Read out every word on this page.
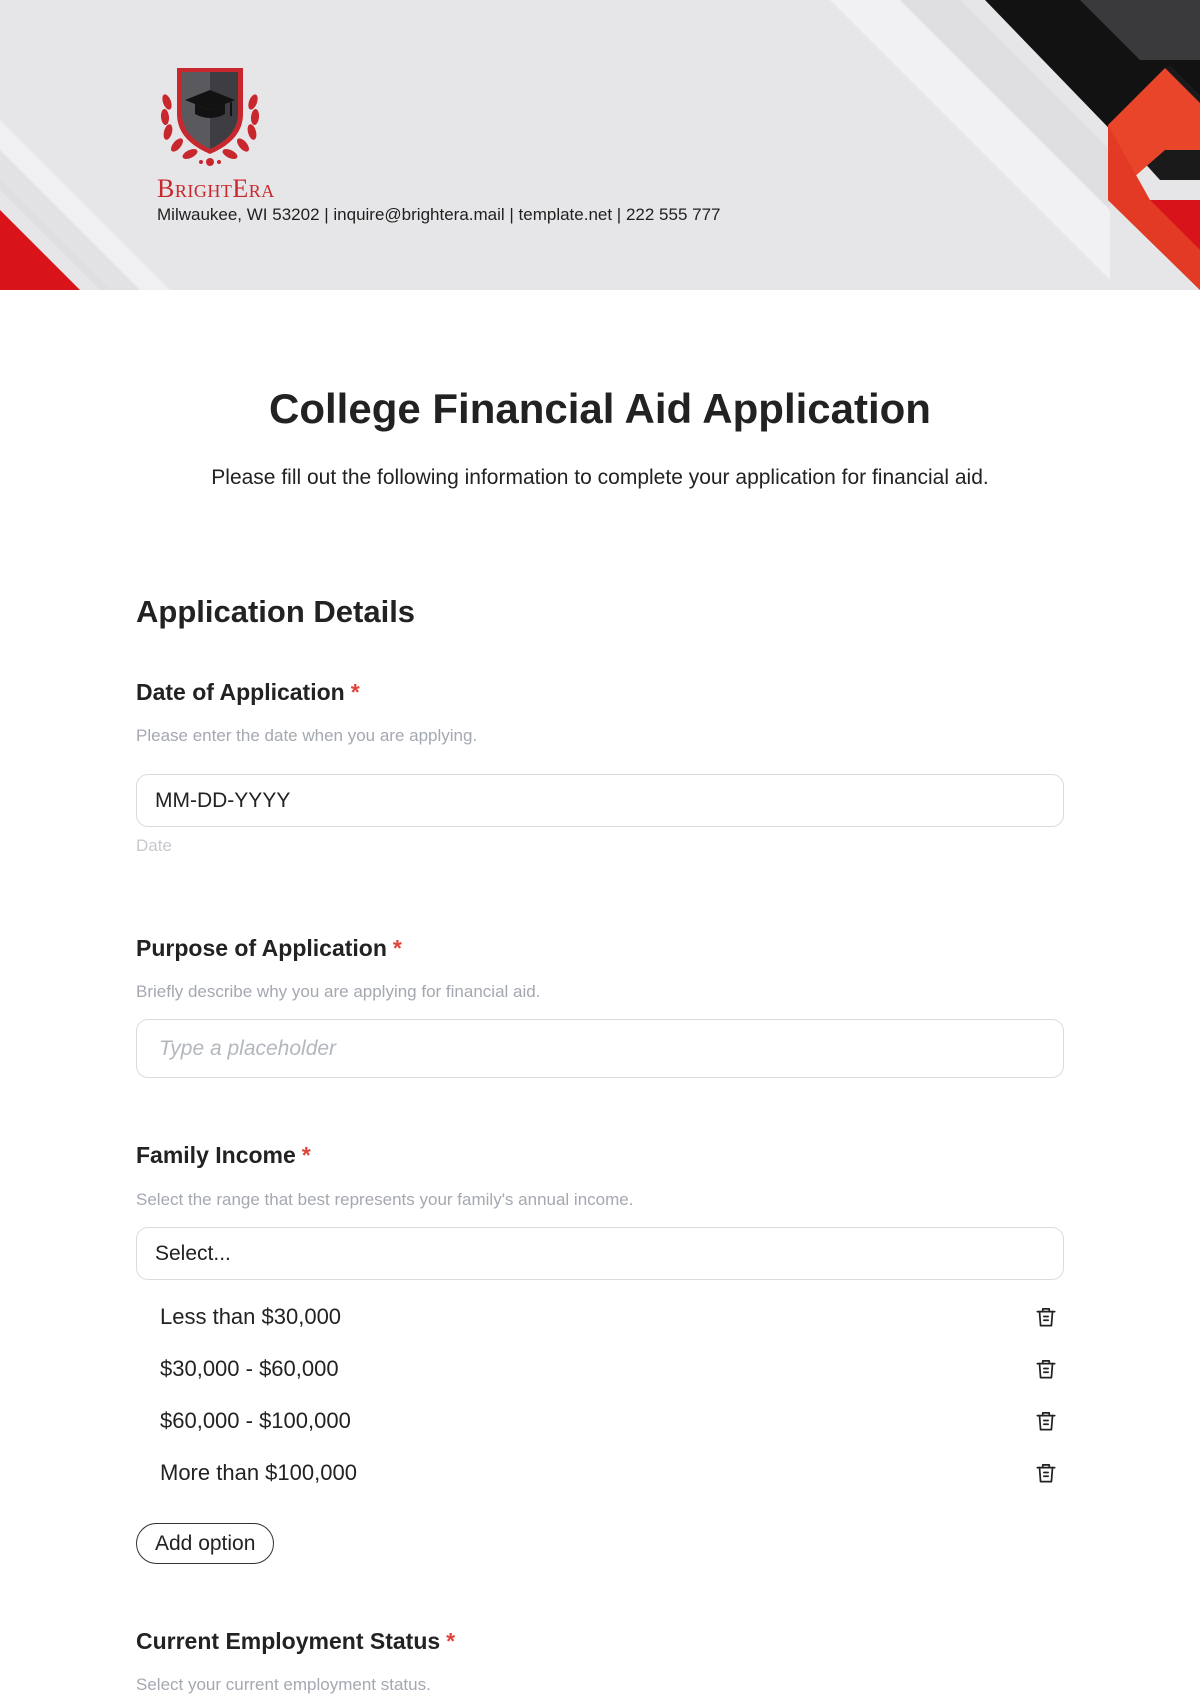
BrightEra
Milwaukee, WI 53202 | inquire@brightera.mail | template.net | 222 555 777
College Financial Aid Application
Please fill out the following information to complete your application for financial aid.
Application Details
Date of Application *
Please enter the date when you are applying.
MM-DD-YYYY
Date
Purpose of Application *
Briefly describe why you are applying for financial aid.
Type a placeholder
Family Income *
Select the range that best represents your family's annual income.
Select...
Less than $30,000
$30,000 - $60,000
$60,000 - $100,000
More than $100,000
Add option
Current Employment Status *
Select your current employment status.
